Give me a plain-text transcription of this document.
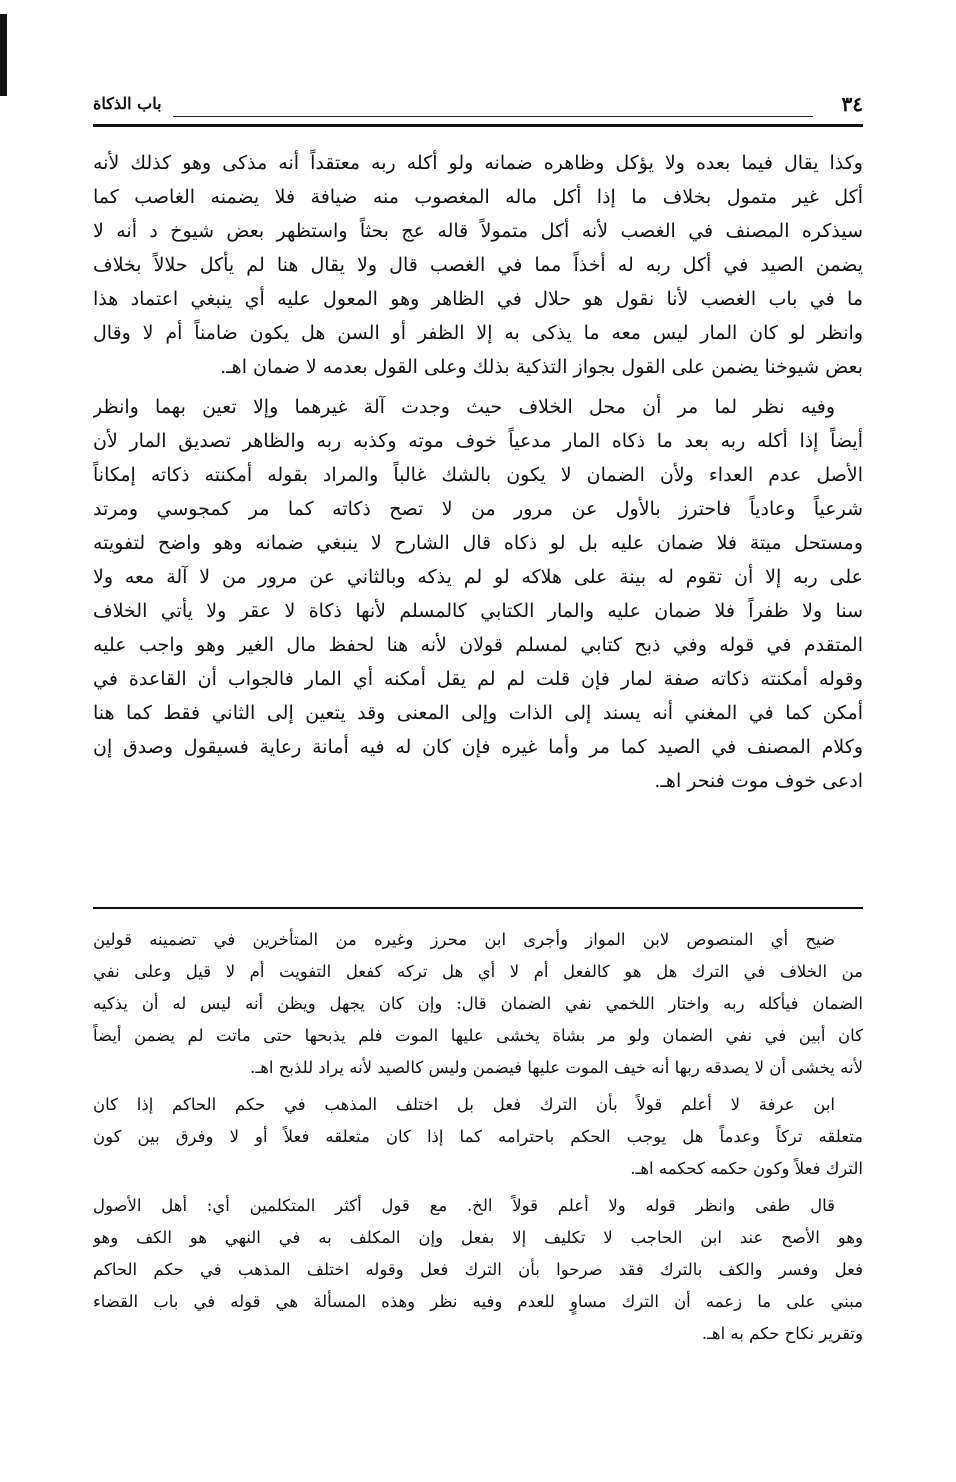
٣٤
باب الذكاة
وكذا يقال فيما بعده ولا يؤكل وظاهره ضمانه ولو أكله ربه معتقداً أنه مذكى وهو كذلك لأنه
أكل غير متمول بخلاف ما إذا أكل ماله المغصوب منه ضيافة فلا يضمنه الغاصب كما
سيذكره المصنف في الغصب لأنه أكل متمولاً قاله عج بحثاً واستظهر بعض شيوخ د أنه لا
يضمن الصيد في أكل ربه له أخذاً مما في الغصب قال ولا يقال هنا لم يأكل حلالاً بخلاف
ما في باب الغصب لأنا نقول هو حلال في الظاهر وهو المعول عليه أي ينبغي اعتماد هذا
وانظر لو كان المار ليس معه ما يذكى به إلا الظفر أو السن هل يكون ضامناً أم لا وقال
بعض شيوخنا يضمن على القول بجواز التذكية بذلك وعلى القول بعدمه لا ضمان اهـ.
وفيه نظر لما مر أن محل الخلاف حيث وجدت آلة غيرهما وإلا تعين بهما وانظر
أيضاً إذا أكله ربه بعد ما ذكاه المار مدعياً خوف موته وكذبه ربه والظاهر تصديق المار لأن
الأصل عدم العداء ولأن الضمان لا يكون بالشك غالباً والمراد بقوله أمكنته ذكاته إمكاناً
شرعياً وعادياً فاحترز بالأول عن مرور من لا تصح ذكاته كما مر كمجوسي ومرتد
ومستحل ميتة فلا ضمان عليه بل لو ذكاه قال الشارح لا ينبغي ضمانه وهو واضح لتفويته
على ربه إلا أن تقوم له بينة على هلاكه لو لم يذكه وبالثاني عن مرور من لا آلة معه ولا
سنا ولا ظفراً فلا ضمان عليه والمار الكتابي كالمسلم لأنها ذكاة لا عقر ولا يأتي الخلاف
المتقدم في قوله وفي ذبح كتابي لمسلم قولان لأنه هنا لحفظ مال الغير وهو واجب عليه
وقوله أمكنته ذكاته صفة لمار فإن قلت لم لم يقل أمكنه أي المار فالجواب أن القاعدة في
أمكن كما في المغني أنه يسند إلى الذات وإلى المعنى وقد يتعين إلى الثاني فقط كما هنا
وكلام المصنف في الصيد كما مر وأما غيره فإن كان له فيه أمانة رعاية فسيقول وصدق إن
ادعى خوف موت فنحر اهـ.
ضيح أي المنصوص لابن المواز وأجرى ابن محرز وغيره من المتأخرين في تضمينه قولين
من الخلاف في الترك هل هو كالفعل أم لا أي هل تركه كفعل التفويت أم لا قيل وعلى نفي
الضمان فيأكله ربه واختار اللخمي نفي الضمان قال: وإن كان يجهل ويظن أنه ليس له أن يذكيه
كان أبين في نفي الضمان ولو مر بشاة يخشى عليها الموت فلم يذبحها حتى ماتت لم يضمن أيضاً
لأنه يخشى أن لا يصدقه ربها أنه خيف الموت عليها فيضمن وليس كالصيد لأنه يراد للذبح اهـ.
ابن عرفة لا أعلم قولاً بأن الترك فعل بل اختلف المذهب في حكم الحاكم إذا كان
متعلقه تركاً وعدماً هل يوجب الحكم باحترامه كما إذا كان متعلقه فعلاً أو لا وفرق بين كون
الترك فعلاً وكون حكمه كحكمه اهـ.
قال طفى وانظر قوله ولا أعلم قولاً الخ. مع قول أكثر المتكلمين أي: أهل الأصول
وهو الأصح عند ابن الحاجب لا تكليف إلا بفعل وإن المكلف به في النهي هو الكف وهو
فعل وفسر والكف بالترك فقد صرحوا بأن الترك فعل وقوله اختلف المذهب في حكم الحاكم
مبني على ما زعمه أن الترك مساوٍ للعدم وفيه نظر وهذه المسألة هي قوله في باب القضاء
وتقرير نكاح حكم به اهـ.
